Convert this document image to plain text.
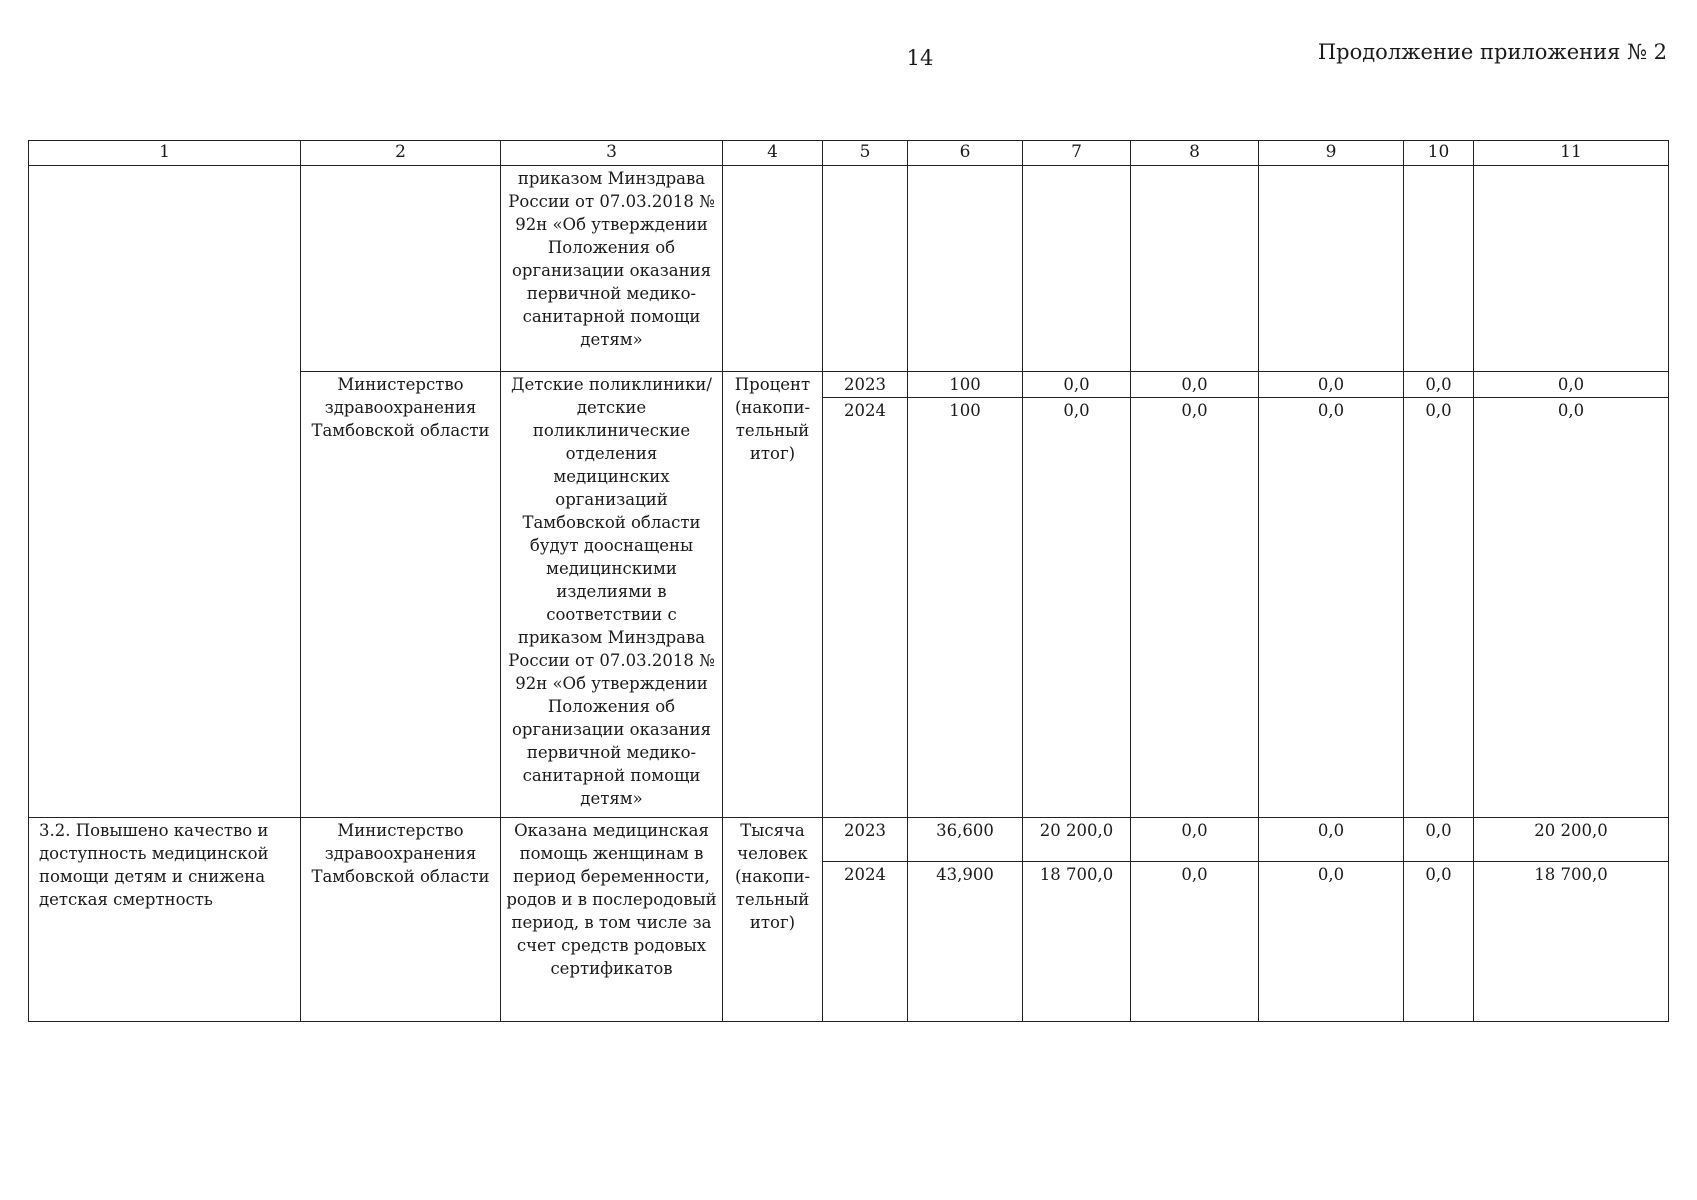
14	Продолжение приложения № 2
1	2	3	4	5	6	7	8	9	10	11
		приказом Минздрава России от 07.03.2018 № 92н «Об утверждении Положения об организации оказания первичной медико-санитарной помощи детям»								
	Министерство здравоохранения Тамбовской области	Детские поликлиники/детские поликлинические отделения медицинских организаций Тамбовской области будут дооснащены медицинскими изделиями в соответствии с приказом Минздрава России от 07.03.2018 № 92н «Об утверждении Положения об организации оказания первичной медико-санитарной помощи детям»	Процент (накопи-тельный итог)	2023	100	0,0	0,0	0,0	0,0	0,0
				2024	100	0,0	0,0	0,0	0,0	0,0
3.2. Повышено качество и доступность медицинской помощи детям и снижена детская смертность	Министерство здравоохранения Тамбовской области	Оказана медицинская помощь женщинам в период беременности, родов и в послеродовый период, в том числе за счет средств родовых сертификатов	Тысяча человек (накопи-тельный итог)	2023	36,600	20 200,0	0,0	0,0	0,0	20 200,0
				2024	43,900	18 700,0	0,0	0,0	0,0	18 700,0
